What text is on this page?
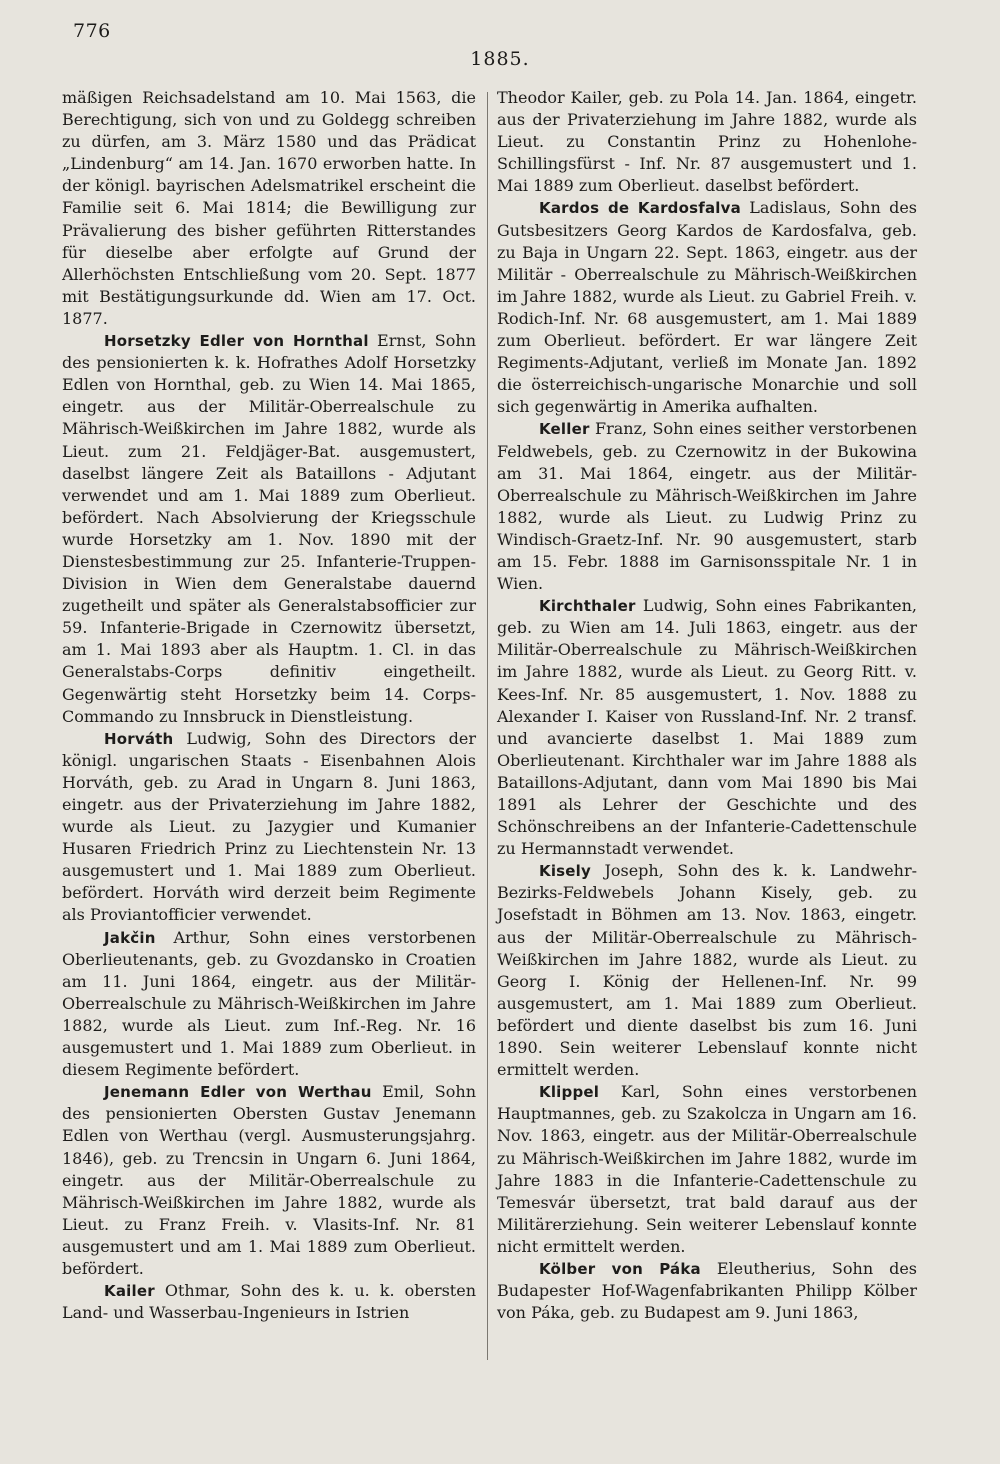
776
1885.

mäßigen Reichsadelstand am 10. Mai 1563, die Berechtigung, sich von und zu Goldegg schreiben zu dürfen, am 3. März 1580 und das Prädicat „Lindenburg“ am 14. Jan. 1670 erworben hatte. In der königl. bayrischen Adelsmatrikel erscheint die Familie seit 6. Mai 1814; die Bewilligung zur Prävalierung des bisher geführten Ritterstandes für dieselbe aber erfolgte auf Grund der Allerhöchsten Entschließung vom 20. Sept. 1877 mit Bestätigungsurkunde dd. Wien am 17. Oct. 1877.

Horsetzky Edler von Hornthal Ernst, Sohn des pensionierten k. k. Hofrathes Adolf Horsetzky Edlen von Hornthal, geb. zu Wien 14. Mai 1865, eingetr. aus der Militär-Oberrealschule zu Mährisch-Weißkirchen im Jahre 1882, wurde als Lieut. zum 21. Feldjäger-Bat. ausgemustert, daselbst längere Zeit als Bataillons - Adjutant verwendet und am 1. Mai 1889 zum Oberlieut. befördert. Nach Absolvierung der Kriegsschule wurde Horsetzky am 1. Nov. 1890 mit der Dienstesbestimmung zur 25. Infanterie-Truppen-Division in Wien dem Generalstabe dauernd zugetheilt und später als Generalstabsofficier zur 59. Infanterie-Brigade in Czernowitz übersetzt, am 1. Mai 1893 aber als Hauptm. 1. Cl. in das Generalstabs-Corps definitiv eingetheilt. Gegenwärtig steht Horsetzky beim 14. Corps-Commando zu Innsbruck in Dienstleistung.

Horváth Ludwig, Sohn des Directors der königl. ungarischen Staats - Eisenbahnen Alois Horváth, geb. zu Arad in Ungarn 8. Juni 1863, eingetr. aus der Privaterziehung im Jahre 1882, wurde als Lieut. zu Jazygier und Kumanier Husaren Friedrich Prinz zu Liechtenstein Nr. 13 ausgemustert und 1. Mai 1889 zum Oberlieut. befördert. Horváth wird derzeit beim Regimente als Proviantofficier verwendet.

Jakčin Arthur, Sohn eines verstorbenen Oberlieutenants, geb. zu Gvozdansko in Croatien am 11. Juni 1864, eingetr. aus der Militär-Oberrealschule zu Mährisch-Weißkirchen im Jahre 1882, wurde als Lieut. zum Inf.-Reg. Nr. 16 ausgemustert und 1. Mai 1889 zum Oberlieut. in diesem Regimente befördert.

Jenemann Edler von Werthau Emil, Sohn des pensionierten Obersten Gustav Jenemann Edlen von Werthau (vergl. Ausmusterungsjahrg. 1846), geb. zu Trencsin in Ungarn 6. Juni 1864, eingetr. aus der Militär-Oberrealschule zu Mährisch-Weißkirchen im Jahre 1882, wurde als Lieut. zu Franz Freih. v. Vlasits-Inf. Nr. 81 ausgemustert und am 1. Mai 1889 zum Oberlieut. befördert.

Kailer Othmar, Sohn des k. u. k. obersten Land- und Wasserbau-Ingenieurs in Istrien

Theodor Kailer, geb. zu Pola 14. Jan. 1864, eingetr. aus der Privaterziehung im Jahre 1882, wurde als Lieut. zu Constantin Prinz zu Hohenlohe-Schillingsfürst - Inf. Nr. 87 ausgemustert und 1. Mai 1889 zum Oberlieut. daselbst befördert.

Kardos de Kardosfalva Ladislaus, Sohn des Gutsbesitzers Georg Kardos de Kardosfalva, geb. zu Baja in Ungarn 22. Sept. 1863, eingetr. aus der Militär - Oberrealschule zu Mährisch-Weißkirchen im Jahre 1882, wurde als Lieut. zu Gabriel Freih. v. Rodich-Inf. Nr. 68 ausgemustert, am 1. Mai 1889 zum Oberlieut. befördert. Er war längere Zeit Regiments-Adjutant, verließ im Monate Jan. 1892 die österreichisch-ungarische Monarchie und soll sich gegenwärtig in Amerika aufhalten.

Keller Franz, Sohn eines seither verstorbenen Feldwebels, geb. zu Czernowitz in der Bukowina am 31. Mai 1864, eingetr. aus der Militär-Oberrealschule zu Mährisch-Weißkirchen im Jahre 1882, wurde als Lieut. zu Ludwig Prinz zu Windisch-Graetz-Inf. Nr. 90 ausgemustert, starb am 15. Febr. 1888 im Garnisonsspitale Nr. 1 in Wien.

Kirchthaler Ludwig, Sohn eines Fabrikanten, geb. zu Wien am 14. Juli 1863, eingetr. aus der Militär-Oberrealschule zu Mährisch-Weißkirchen im Jahre 1882, wurde als Lieut. zu Georg Ritt. v. Kees-Inf. Nr. 85 ausgemustert, 1. Nov. 1888 zu Alexander I. Kaiser von Russland-Inf. Nr. 2 transf. und avancierte daselbst 1. Mai 1889 zum Oberlieutenant. Kirchthaler war im Jahre 1888 als Bataillons-Adjutant, dann vom Mai 1890 bis Mai 1891 als Lehrer der Geschichte und des Schönschreibens an der Infanterie-Cadettenschule zu Hermannstadt verwendet.

Kisely Joseph, Sohn des k. k. Landwehr-Bezirks-Feldwebels Johann Kisely, geb. zu Josefstadt in Böhmen am 13. Nov. 1863, eingetr. aus der Militär-Oberrealschule zu Mährisch-Weißkirchen im Jahre 1882, wurde als Lieut. zu Georg I. König der Hellenen-Inf. Nr. 99 ausgemustert, am 1. Mai 1889 zum Oberlieut. befördert und diente daselbst bis zum 16. Juni 1890. Sein weiterer Lebenslauf konnte nicht ermittelt werden.

Klippel Karl, Sohn eines verstorbenen Hauptmannes, geb. zu Szakolcza in Ungarn am 16. Nov. 1863, eingetr. aus der Militär-Oberrealschule zu Mährisch-Weißkirchen im Jahre 1882, wurde im Jahre 1883 in die Infanterie-Cadettenschule zu Temesvár übersetzt, trat bald darauf aus der Militärerziehung. Sein weiterer Lebenslauf konnte nicht ermittelt werden.

Kölber von Páka Eleutherius, Sohn des Budapester Hof-Wagenfabrikanten Philipp Kölber von Páka, geb. zu Budapest am 9. Juni 1863,
